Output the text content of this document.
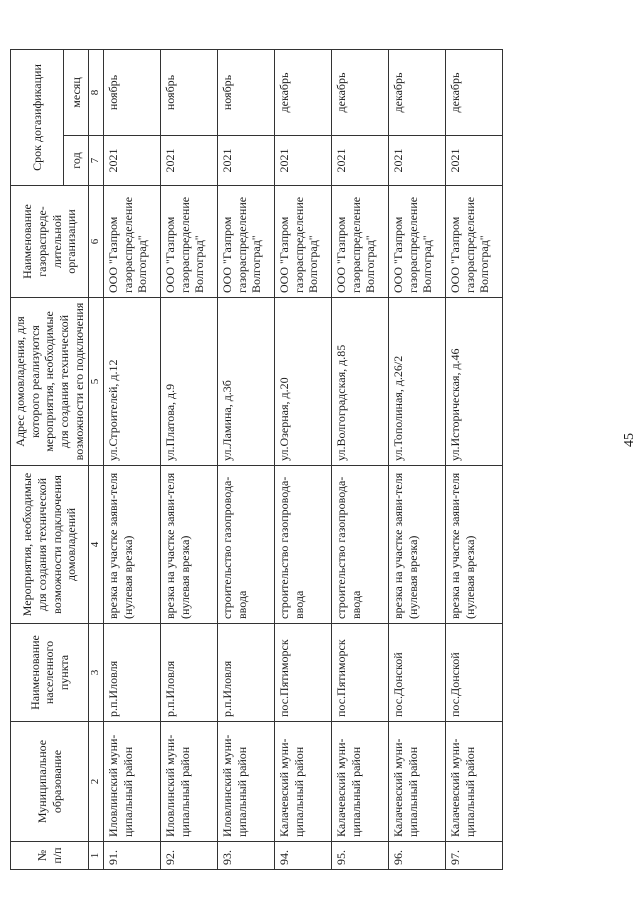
№ п/п	Муниципальное образование	Наименование населенного пункта	Мероприятия, необходимые для создания технической возможности подключения домовладений	Адрес домовладения, для которого реализуются мероприятия, необходимые для создания технической возможности его подключения	Наименование газораспреде-лительной организации	Срок догазификации	
						год	месяц
1	2	3	4	5	6	7	8
91.	Иловлинский муни-ципальный район	р.п.Иловля	врезка на участке заяви-теля (нулевая врезка)	ул.Строителей, д.12	ООО "Газпром газораспределение Волгоград"	2021	ноябрь
92.	Иловлинский муни-ципальный район	р.п.Иловля	врезка на участке заяви-теля (нулевая врезка)	ул.Платова, д.9	ООО "Газпром газораспределение Волгоград"	2021	ноябрь
93.	Иловлинский муни-ципальный район	р.п.Иловля	строительство газопровода-ввода	ул.Ламина, д.3б	ООО "Газпром газораспределение Волгоград"	2021	ноябрь
94.	Калачевский муни-ципальный район	пос.Пятиморск	строительство газопровода-ввода	ул.Озерная, д.20	ООО "Газпром газораспределение Волгоград"	2021	декабрь
95.	Калачевский муни-ципальный район	пос.Пятиморск	строительство газопровода-ввода	ул.Волгоградская, д.85	ООО "Газпром газораспределение Волгоград"	2021	декабрь
96.	Калачевский муни-ципальный район	пос.Донской	врезка на участке заяви-теля (нулевая врезка)	ул.Тополиная, д.26/2	ООО "Газпром газораспределение Волгоград"	2021	декабрь
97.	Калачевский муни-ципальный район	пос.Донской	врезка на участке заяви-теля (нулевая врезка)	ул.Историческая, д.46	ООО "Газпром газораспределение Волгоград"	2021	декабрь
45
